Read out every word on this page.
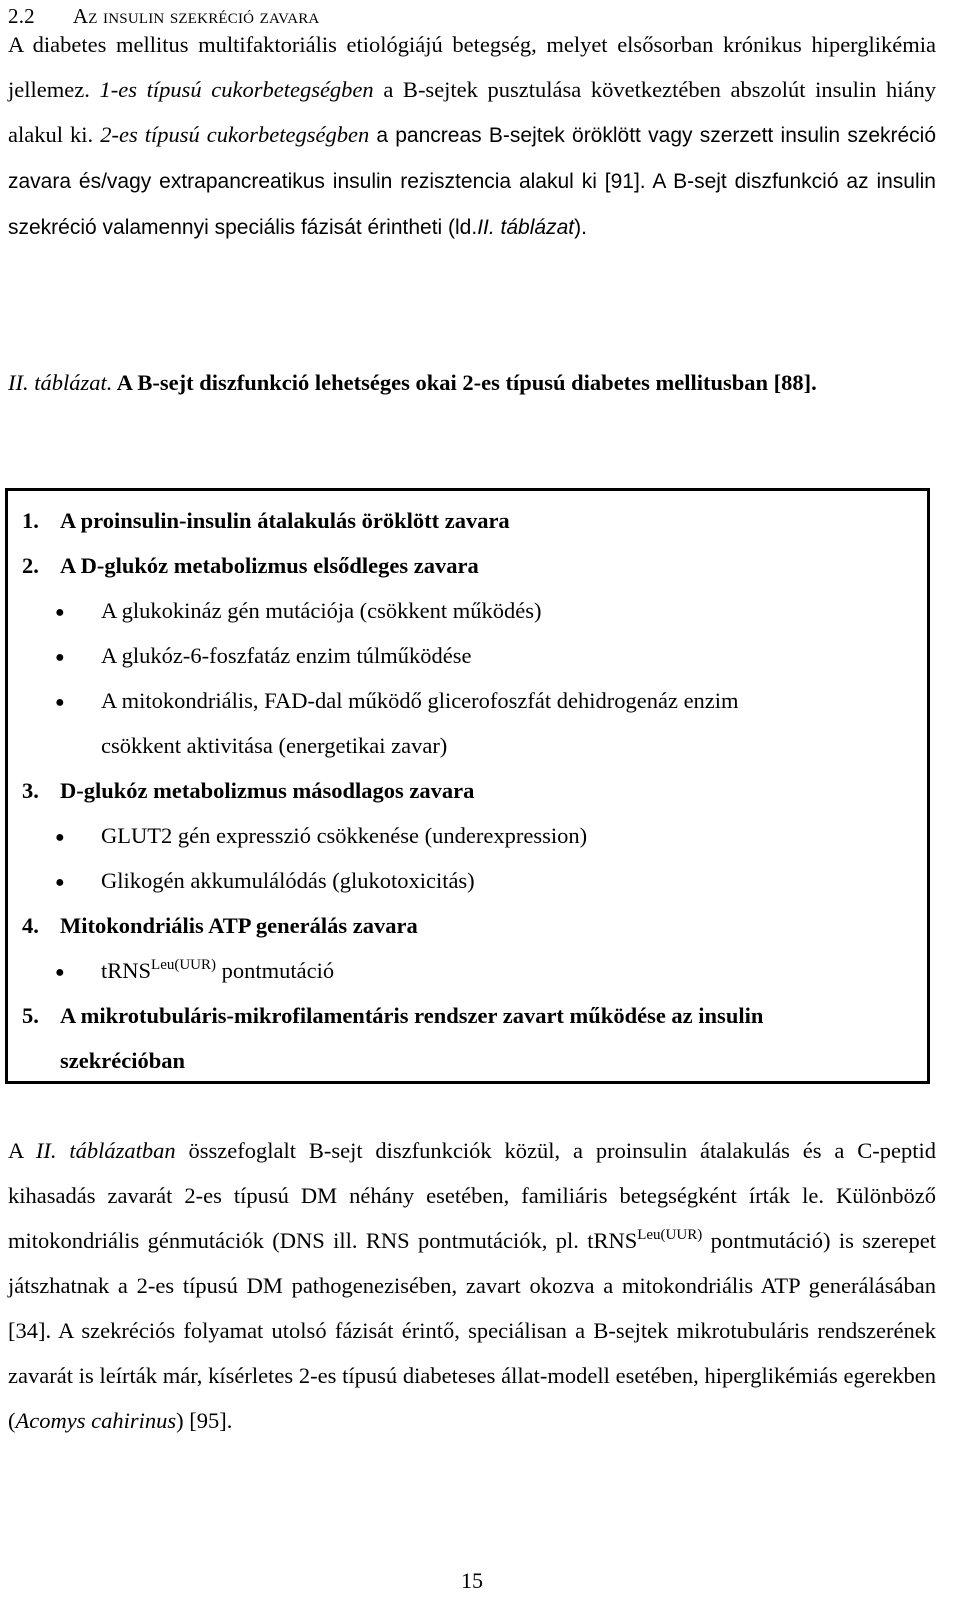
2.2 Az insulin szekréció zavara
A diabetes mellitus multifaktoriális etiológiájú betegség, melyet elsősorban krónikus hiperglikémia jellemez. 1-es típusú cukorbetegségben a B-sejtek pusztulása következtében abszolút insulin hiány alakul ki. 2-es típusú cukorbetegségben a pancreas B-sejtek öröklött vagy szerzett insulin szekréció zavara és/vagy extrapancreatikus insulin rezisztencia alakul ki [91]. A B-sejt diszfunkció az insulin szekréció valamennyi speciális fázisát érintheti (ld.II. táblázat).
II. táblázat. A B-sejt diszfunkció lehetséges okai 2-es típusú diabetes mellitusban [88].
1. A proinsulin-insulin átalakulás öröklött zavara
2. A D-glukóz metabolizmus elsődleges zavara
● A glukokináz gén mutációja (csökkent működés)
● A glukóz-6-foszfatáz enzim túlműködése
● A mitokondriális, FAD-dal működő glicerofoszfát dehidrogenáz enzim
csökkent aktivitása (energetikai zavar)
3. D-glukóz metabolizmus másodlagos zavara
● GLUT2 gén expresszió csökkenése (underexpression)
● Glikogén akkumulálódás (glukotoxicitás)
4. Mitokondriális ATP generálás zavara
● tRNS$^{Leu(UUR)}$ pontmutáció
5. A mikrotubuláris-mikrofilamentáris rendszer zavart működése az insulin
szekrécióban
A II. táblázatban összefoglalt B-sejt diszfunkciók közül, a proinsulin átalakulás és a C-peptid kihasadás zavarát 2-es típusú DM néhány esetében, familiáris betegségként írták le. Különböző mitokondriális génmutációk (DNS ill. RNS pontmutációk, pl. tRNS$^{Leu(UUR)}$ pontmutáció) is szerepet játszhatnak a 2-es típusú DM pathogenezisében, zavart okozva a mitokondriális ATP generálásában [34]. A szekréciós folyamat utolsó fázisát érintő, speciálisan a B-sejtek mikrotubuláris rendszerének zavarát is leírták már, kísérletes 2-es típusú diabeteses állat-modell esetében, hiperglikémiás egerekben (Acomys cahirinus) [95].
15
